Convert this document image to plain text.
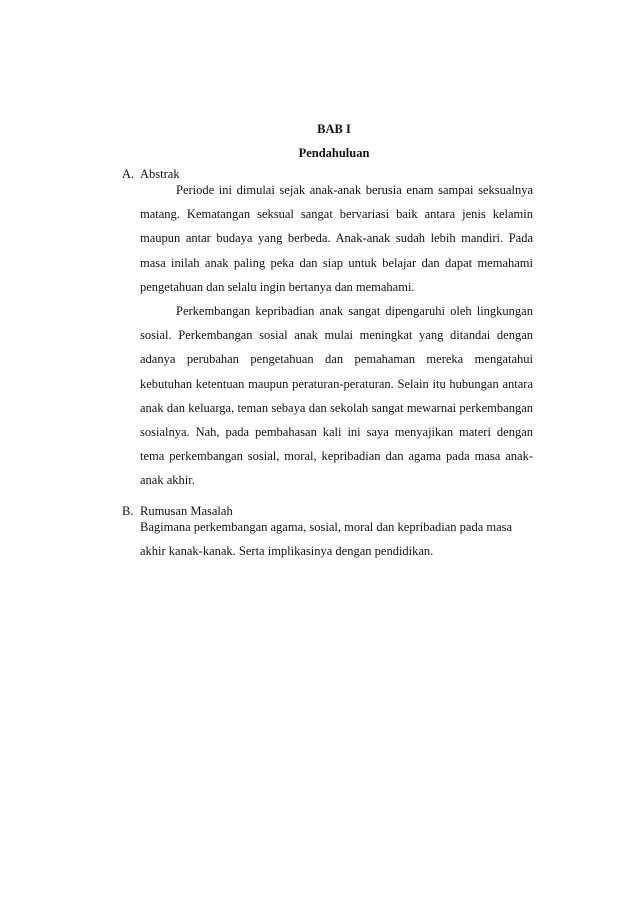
BAB I
Pendahuluan
A. Abstrak

Periode ini dimulai sejak anak-anak berusia enam sampai seksualnya matang. Kematangan seksual sangat bervariasi baik antara jenis kelamin maupun antar budaya yang berbeda. Anak-anak sudah lebih mandiri. Pada masa inilah anak paling peka dan siap untuk belajar dan dapat memahami pengetahuan dan selalu ingin bertanya dan memahami.

Perkembangan kepribadian anak sangat dipengaruhi oleh lingkungan sosial. Perkembangan sosial anak mulai meningkat yang ditandai dengan adanya perubahan pengetahuan dan pemahaman mereka mengatahui kebutuhan ketentuan maupun peraturan-peraturan. Selain itu hubungan antara anak dan keluarga, teman sebaya dan sekolah sangat mewarnai perkembangan sosialnya. Nah, pada pembahasan kali ini saya menyajikan materi dengan tema perkembangan sosial, moral, kepribadian dan agama pada masa anak-anak akhir.

B. Rumusan Masalah

Bagimana perkembangan agama, sosial, moral dan kepribadian pada masa akhir kanak-kanak. Serta implikasinya dengan pendidikan.
